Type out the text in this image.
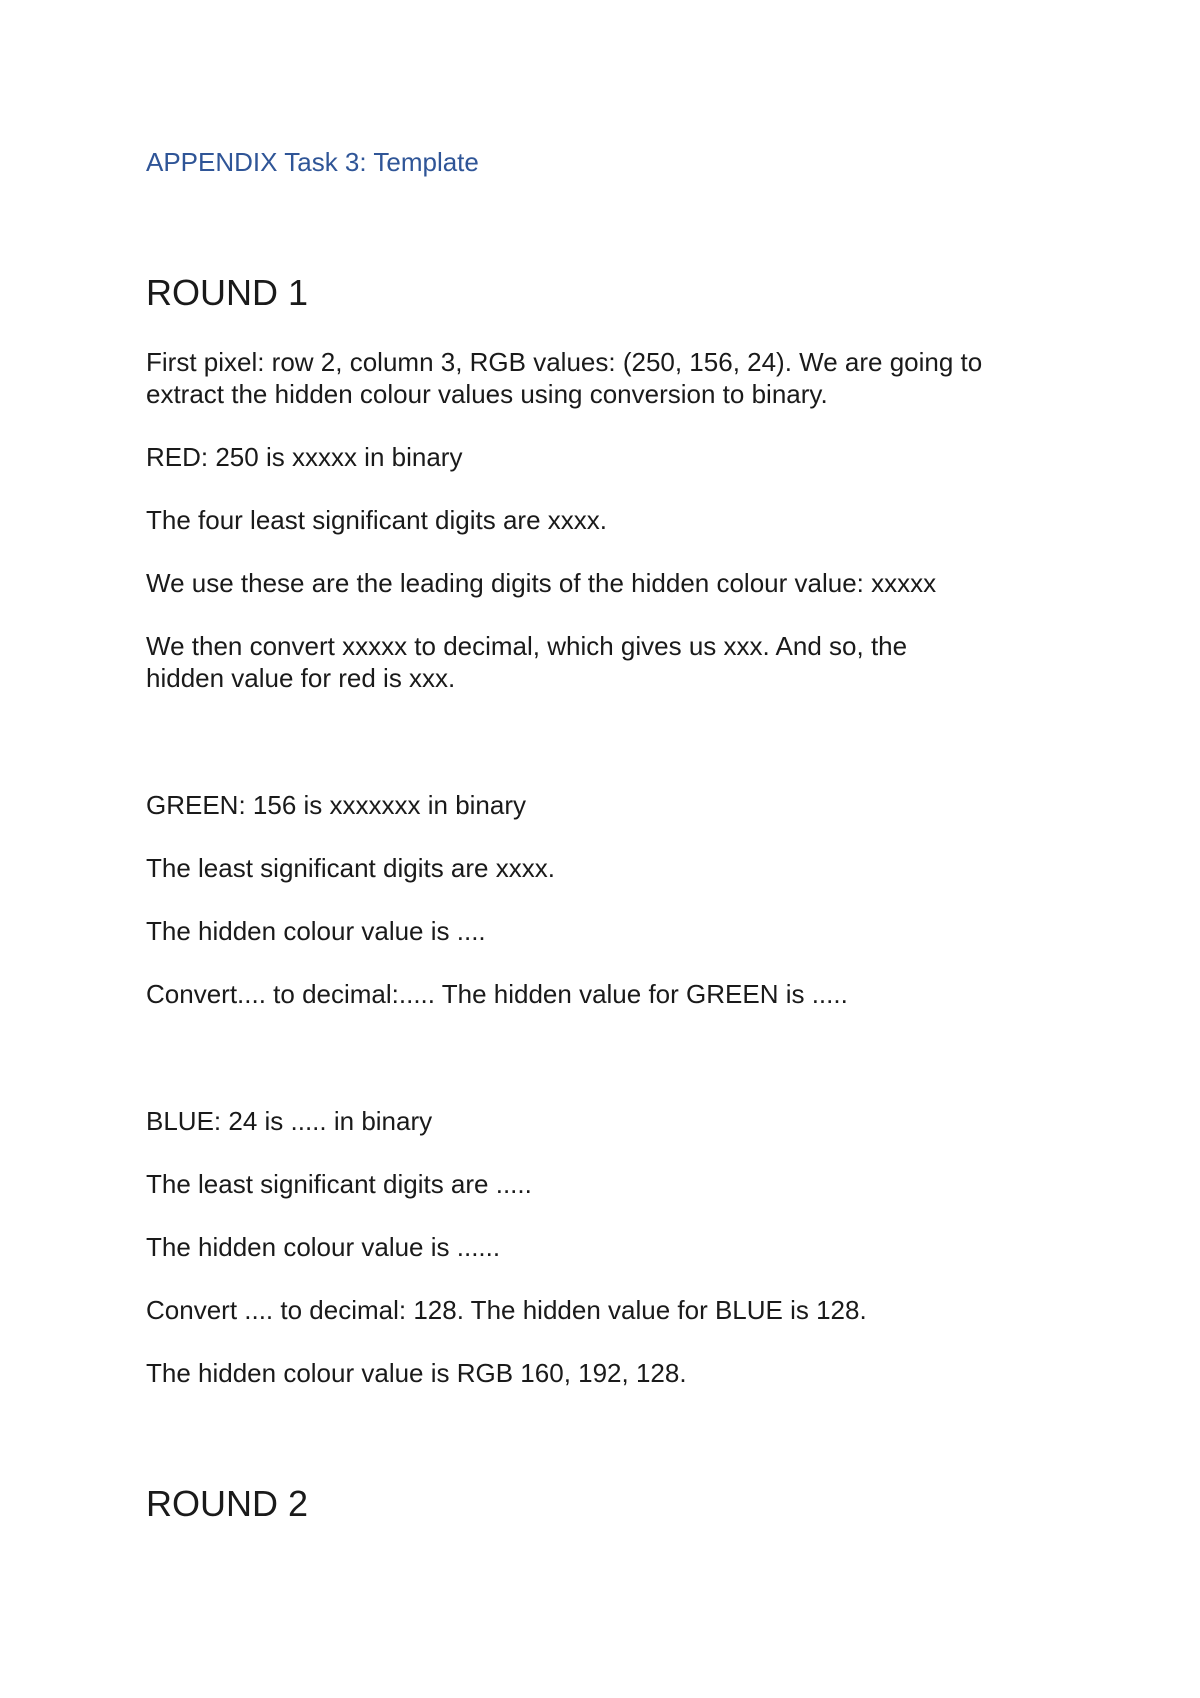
APPENDIX Task 3: Template

ROUND 1

First pixel: row 2, column 3, RGB values: (250, 156, 24). We are going to

extract the hidden colour values using conversion to binary.

RED: 250 is xxxxx in binary

The four least significant digits are xxxx.

We use these are the leading digits of the hidden colour value: xxxxx

We then convert xxxxx to decimal, which gives us xxx. And so, the

hidden value for red is xxx.

GREEN: 156 is xxxxxxx in binary

The least significant digits are xxxx.

The hidden colour value is ....

Convert.... to decimal:..... The hidden value for GREEN is .....

BLUE: 24 is ..... in binary

The least significant digits are .....

The hidden colour value is ......

Convert .... to decimal: 128. The hidden value for BLUE is 128.

The hidden colour value is RGB 160, 192, 128.

ROUND 2
